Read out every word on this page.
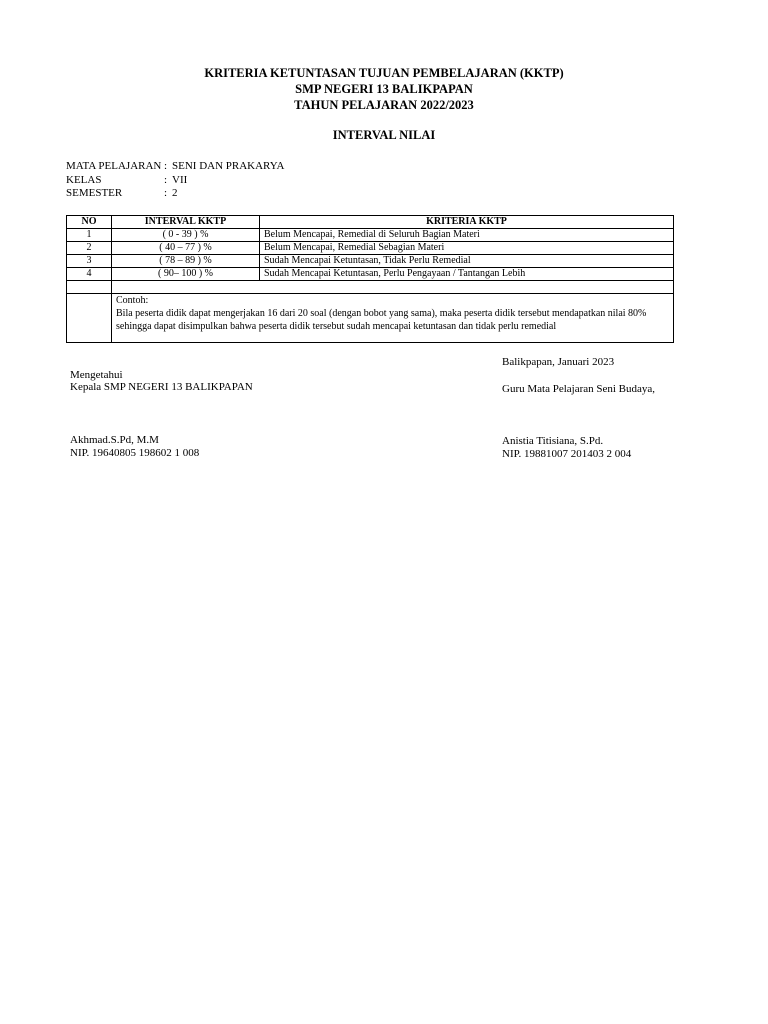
KRITERIA KETUNTASAN TUJUAN PEMBELAJARAN (KKTP)
SMP NEGERI 13 BALIKPAPAN
TAHUN PELAJARAN 2022/2023
INTERVAL NILAI
MATA PELAJARAN : SENI DAN PRAKARYA
KELAS	: VII
SEMESTER	: 2
NO	INTERVAL KKTP	KRITERIA KKTP
1	( 0 - 39 ) %	Belum Mencapai, Remedial di Seluruh Bagian Materi
2	( 40 – 77 ) %	Belum Mencapai, Remedial Sebagian Materi
3	( 78 – 89 ) %	Sudah Mencapai Ketuntasan, Tidak Perlu Remedial
4	( 90– 100 ) %	Sudah Mencapai Ketuntasan, Perlu Pengayaan / Tantangan Lebih

	Contoh:
Bila peserta didik dapat mengerjakan 16 dari 20 soal (dengan bobot yang sama), maka peserta didik tersebut mendapatkan nilai 80% sehingga dapat disimpulkan bahwa peserta didik tersebut sudah mencapai ketuntasan dan tidak perlu remedial	
Balikpapan, Januari 2023
Mengetahui
Kepala SMP NEGERI 13 BALIKPAPAN	Guru Mata Pelajaran Seni Budaya,
Akhmad.S.Pd, M.M
NIP. 19640805 198602 1 008
Anistia Titisiana, S.Pd.
NIP. 19881007 201403 2 004
